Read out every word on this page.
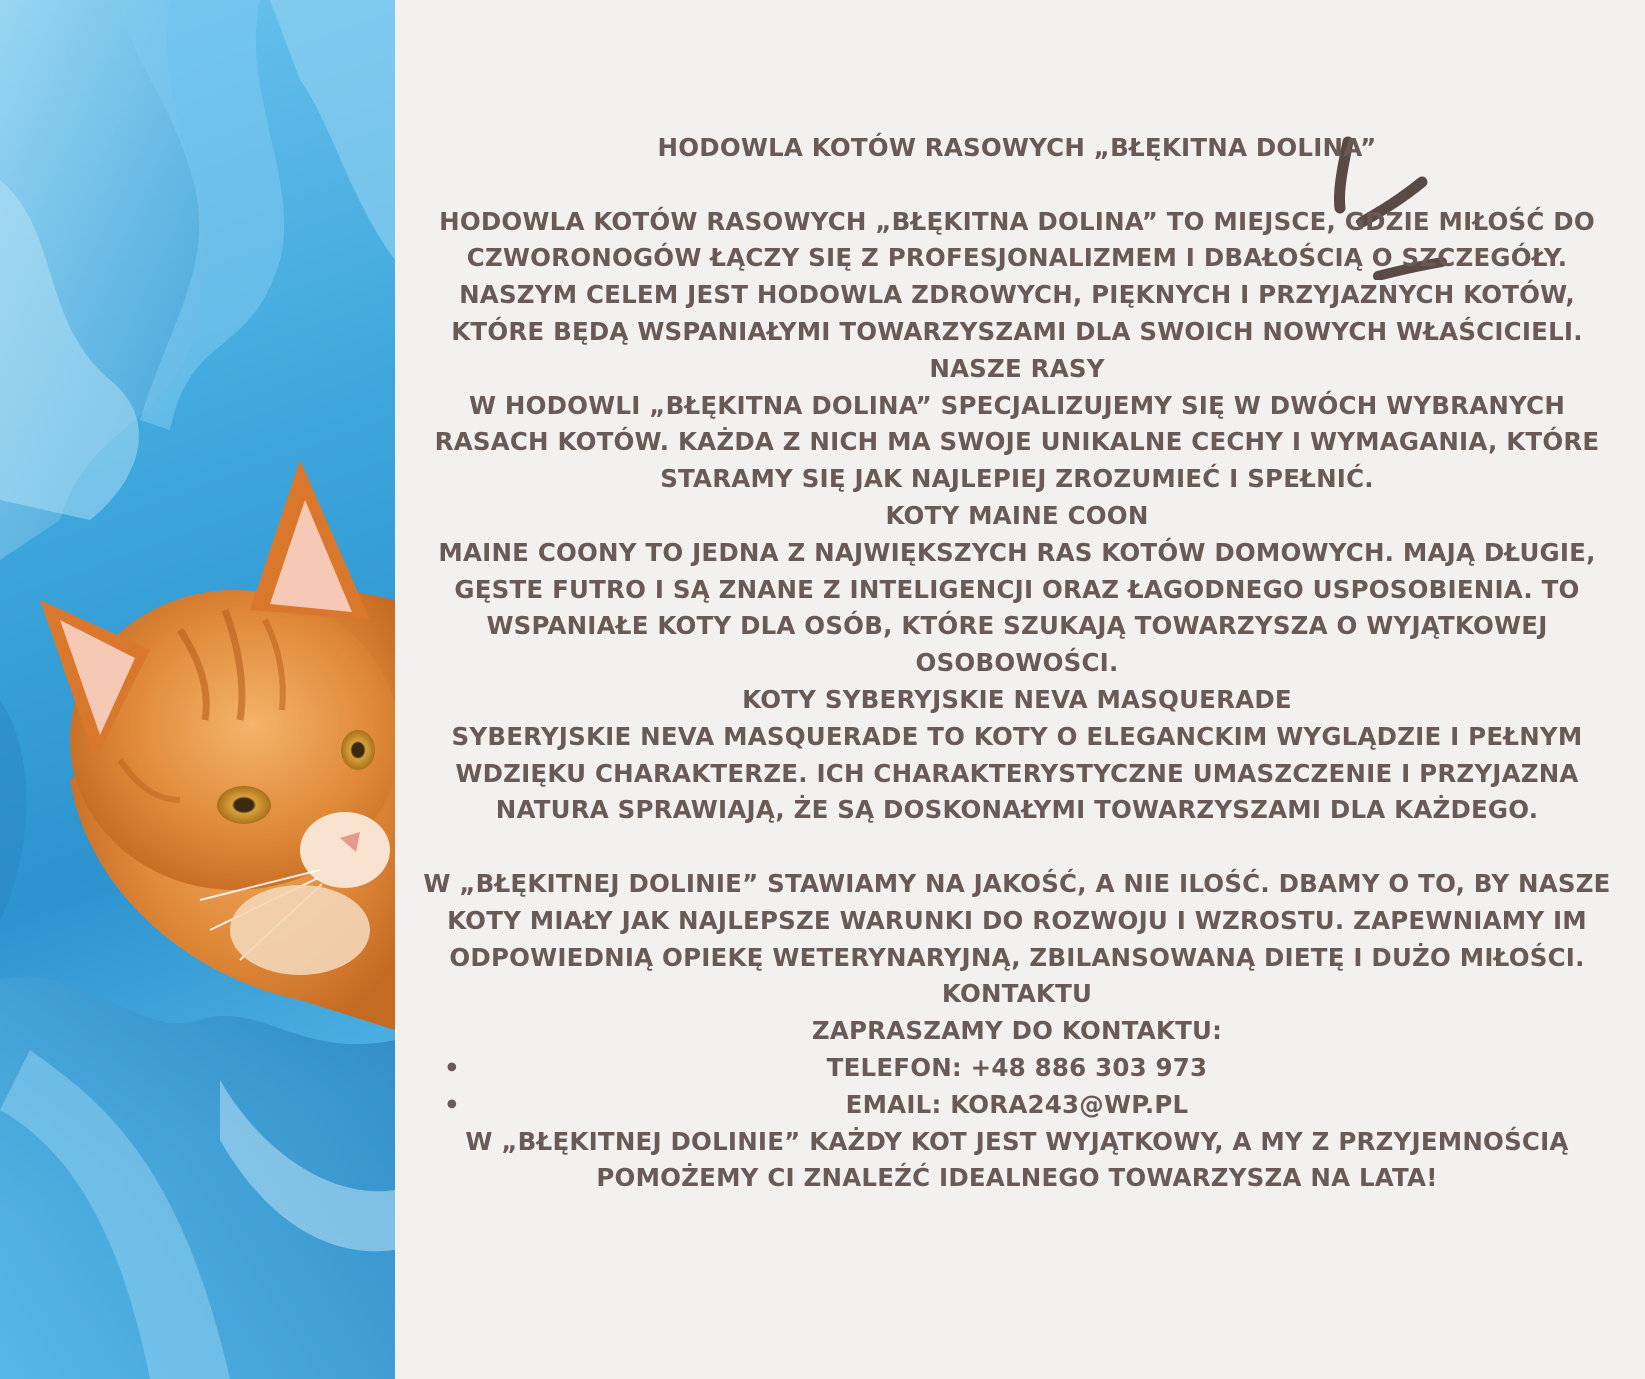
HODOWLA KOTÓW RASOWYCH „BŁĘKITNA DOLINA”

HODOWLA KOTÓW RASOWYCH „BŁĘKITNA DOLINA” TO MIEJSCE, GDZIE MIŁOŚĆ DO CZWORONOGÓW ŁĄCZY SIĘ Z PROFESJONALIZMEM I DBAŁOŚCIĄ O SZCZEGÓŁY. NASZYM CELEM JEST HODOWLA ZDROWYCH, PIĘKNYCH I PRZYJAZNYCH KOTÓW, KTÓRE BĘDĄ WSPANIAŁYMI TOWARZYSZAMI DLA SWOICH NOWYCH WŁAŚCICIELI.

NASZE RASY

W HODOWLI „BŁĘKITNA DOLINA” SPECJALIZUJEMY SIĘ W DWÓCH WYBRANYCH RASACH KOTÓW. KAŻDA Z NICH MA SWOJE UNIKALNE CECHY I WYMAGANIA, KTÓRE STARAMY SIĘ JAK NAJLEPIEJ ZROZUMIEĆ I SPEŁNIĆ.

KOTY MAINE COON

MAINE COONY TO JEDNA Z NAJWIĘKSZYCH RAS KOTÓW DOMOWYCH. MAJĄ DŁUGIE, GĘSTE FUTRO I SĄ ZNANE Z INTELIGENCJI ORAZ ŁAGODNEGO USPOSOBIENIA. TO WSPANIAŁE KOTY DLA OSÓB, KTÓRE SZUKAJĄ TOWARZYSZA O WYJĄTKOWEJ OSOBOWOŚCI.

KOTY SYBERYJSKIE NEVA MASQUERADE

SYBERYJSKIE NEVA MASQUERADE TO KOTY O ELEGANCKIM WYGLĄDZIE I PEŁNYM WDZIĘKU CHARAKTERZE. ICH CHARAKTERYSTYCZNE UMASZCZENIE I PRZYJAZNA NATURA SPRAWIAJĄ, ŻE SĄ DOSKONAŁYMI TOWARZYSZAMI DLA KAŻDEGO.

W „BŁĘKITNEJ DOLINIE” STAWIAMY NA JAKOŚĆ, A NIE ILOŚĆ. DBAMY O TO, BY NASZE KOTY MIAŁY JAK NAJLEPSZE WARUNKI DO ROZWOJU I WZROSTU. ZAPEWNIAMY IM ODPOWIEDNIĄ OPIEKĘ WETERYNARYJNĄ, ZBILANSOWANĄ DIETĘ I DUŻO MIŁOŚCI.

KONTAKTU

ZAPRASZAMY DO KONTAKTU:

• TELEFON: +48 886 303 973
• EMAIL: KORA243@WP.PL

W „BŁĘKITNEJ DOLINIE” KAŻDY KOT JEST WYJĄTKOWY, A MY Z PRZYJEMNOŚCIĄ POMOŻEMY CI ZNALEŹĆ IDEALNEGO TOWARZYSZA NA LATA!
